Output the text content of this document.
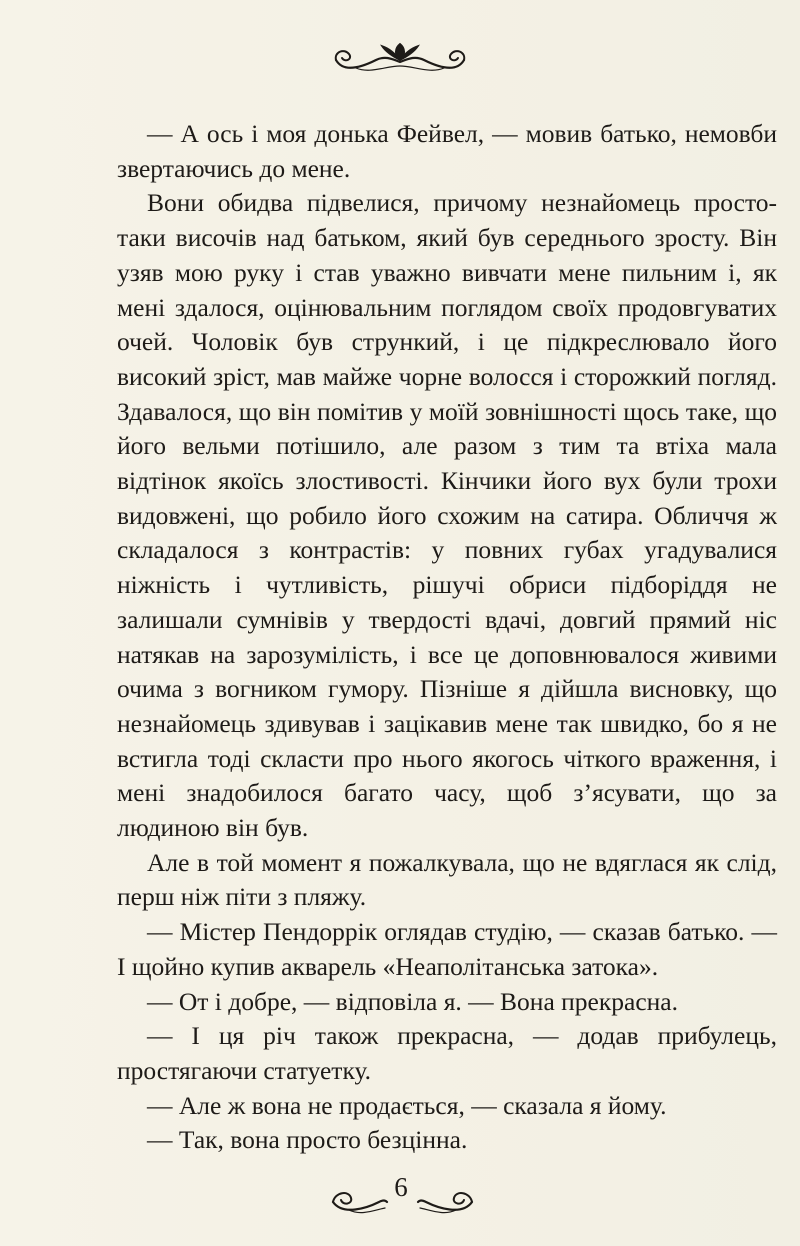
— А ось і моя донька Фейвел, — мовив батько, немовби звертаючись до мене.

Вони обидва підвелися, причому незнайомець просто-таки височів над батьком, який був середнього зросту. Він узяв мою руку і став уважно вивчати мене пильним і, як мені здалося, оцінювальним поглядом своїх продовгуватих очей. Чоловік був стрункий, і це підкреслювало його високий зріст, мав майже чорне волосся і сторожкий погляд. Здавалося, що він помітив у моїй зовнішності щось таке, що його вельми потішило, але разом з тим та втіха мала відтінок якоїсь злостивості. Кінчики його вух були трохи видовжені, що робило його схожим на сатира. Обличчя ж складалося з контрастів: у повних губах угадувалися ніжність і чутливість, рішучі обриси підборіддя не залишали сумнівів у твердості вдачі, довгий прямий ніс натякав на зарозумілість, і все це доповнювалося живими очима з вогником гумору. Пізніше я дійшла висновку, що незнайомець здивував і зацікавив мене так швидко, бо я не встигла тоді скласти про нього якогось чіткого враження, і мені знадобилося багато часу, щоб з’ясувати, що за людиною він був.

Але в той момент я пожалкувала, що не вдяглася як слід, перш ніж піти з пляжу.

— Містер Пендоррік оглядав студію, — сказав батько. — І щойно купив акварель «Неаполітанська затока».

— От і добре, — відповіла я. — Вона прекрасна.

— І ця річ також прекрасна, — додав прибулець, простягаючи статуетку.

— Але ж вона не продається, — сказала я йому.

— Так, вона просто безцінна.

6
